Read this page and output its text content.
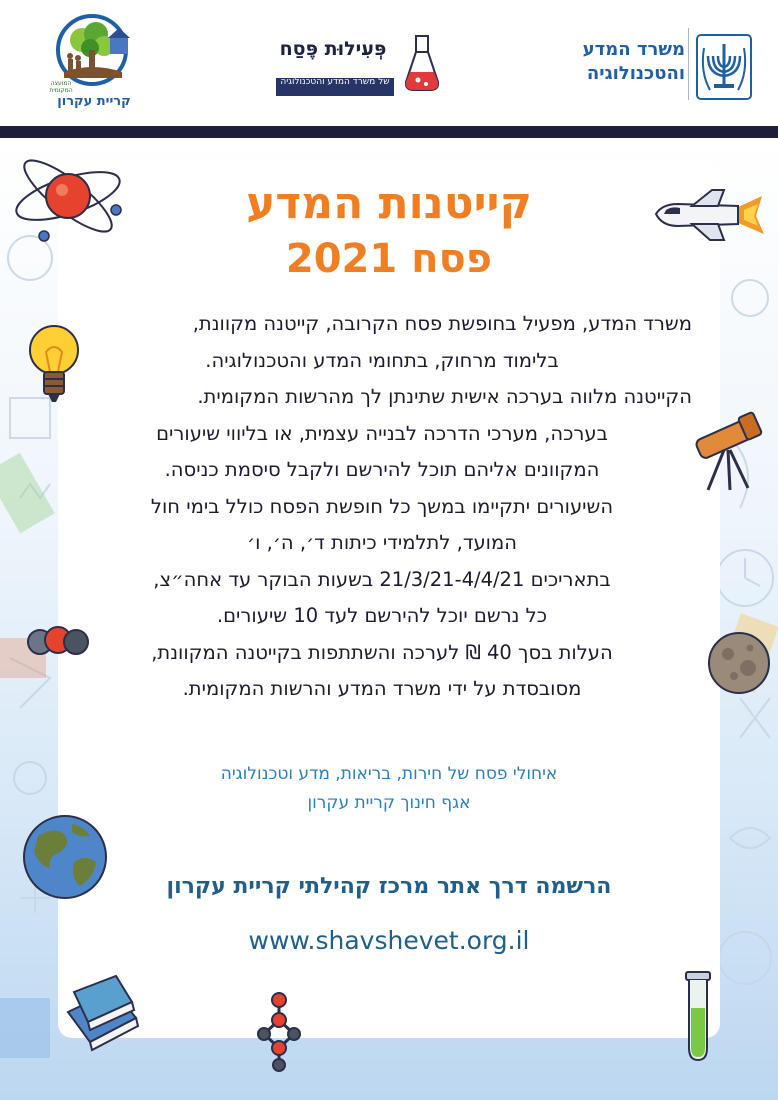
משרד המדע
והטכנולוגיה
פְּעִילוּת פֶּסַח
של משרד המדע והטכנולוגיה
המועצה המקומית
קריית עקרון
קייטנות המדע
פסח 2021
משרד המדע, מפעיל בחופשת פסח הקרובה, קייטנה מקוונת,
בלימוד מרחוק, בתחומי המדע והטכנולוגיה.
הקייטנה מלווה בערכה אישית שתינתן לך מהרשות המקומית.
בערכה, מערכי הדרכה לבנייה עצמית, או בליווי שיעורים
המקוונים אליהם תוכל להירשם ולקבל סיסמת כניסה.
השיעורים יתקיימו במשך כל חופשת הפסח כולל בימי חול
המועד, לתלמידי כיתות ד׳, ה׳, ו׳
בתאריכים 21/3/21-4/4/21 בשעות הבוקר עד אחה״צ,
כל נרשם יוכל להירשם לעד 10 שיעורים.
העלות בסך 40 ₪ לערכה והשתתפות בקייטנה המקוונת,
מסובסדת על ידי משרד המדע והרשות המקומית.
איחולי פסח של חירות, בריאות, מדע וטכנולוגיה
אגף חינוך קריית עקרון
הרשמה דרך אתר מרכז קהילתי קריית עקרון
www.shavshevet.org.il
